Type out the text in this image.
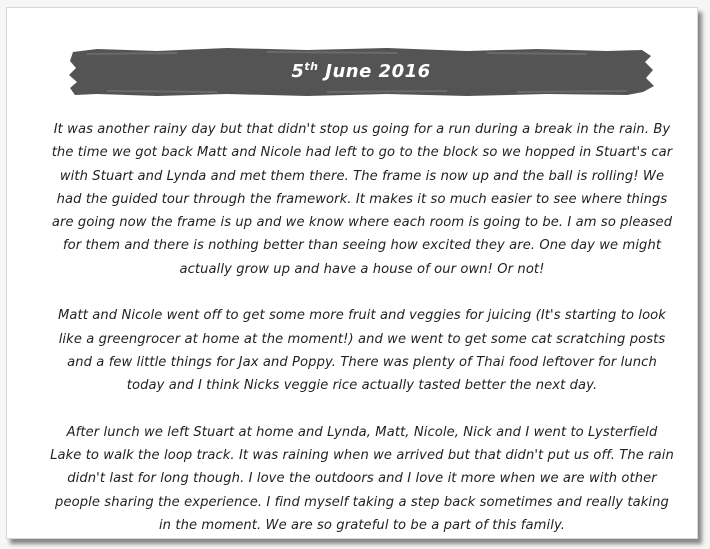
5th June 2016

It was another rainy day but that didn't stop us going for a run during a break in the rain. By the time we got back Matt and Nicole had left to go to the block so we hopped in Stuart's car with Stuart and Lynda and met them there. The frame is now up and the ball is rolling! We had the guided tour through the framework. It makes it so much easier to see where things are going now the frame is up and we know where each room is going to be. I am so pleased for them and there is nothing better than seeing how excited they are. One day we might actually grow up and have a house of our own! Or not!

Matt and Nicole went off to get some more fruit and veggies for juicing (It's starting to look like a greengrocer at home at the moment!) and we went to get some cat scratching posts and a few little things for Jax and Poppy. There was plenty of Thai food leftover for lunch today and I think Nicks veggie rice actually tasted better the next day.

After lunch we left Stuart at home and Lynda, Matt, Nicole, Nick and I went to Lysterfield Lake to walk the loop track. It was raining when we arrived but that didn't put us off. The rain didn't last for long though. I love the outdoors and I love it more when we are with other people sharing the experience. I find myself taking a step back sometimes and really taking in the moment. We are so grateful to be a part of this family.
